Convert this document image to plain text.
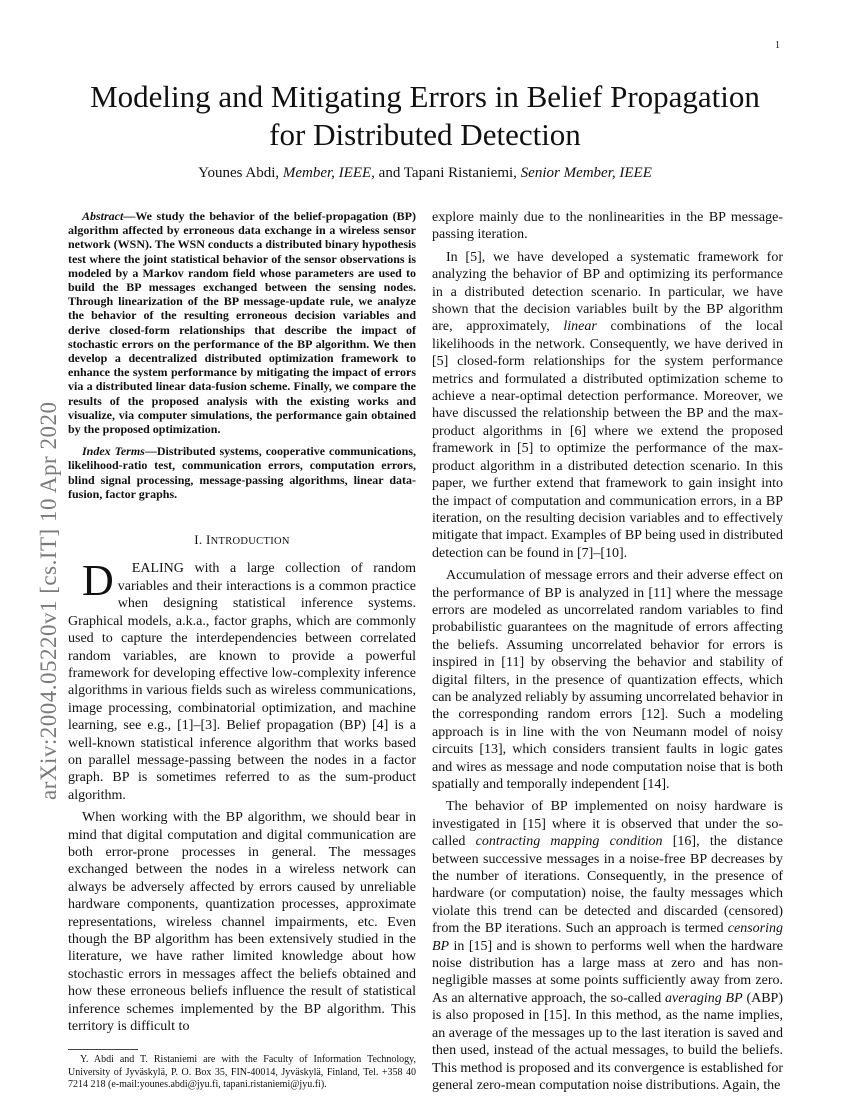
1
arXiv:2004.05220v1 [cs.IT] 10 Apr 2020
Modeling and Mitigating Errors in Belief Propagation for Distributed Detection
Younes Abdi, Member, IEEE, and Tapani Ristaniemi, Senior Member, IEEE

Abstract—We study the behavior of the belief-propagation (BP) algorithm affected by erroneous data exchange in a wireless sensor network (WSN). The WSN conducts a distributed binary hypothesis test where the joint statistical behavior of the sensor observations is modeled by a Markov random field whose parameters are used to build the BP messages exchanged between the sensing nodes. Through linearization of the BP message-update rule, we analyze the behavior of the resulting erroneous decision variables and derive closed-form relationships that describe the impact of stochastic errors on the performance of the BP algorithm. We then develop a decentralized distributed optimization framework to enhance the system performance by mitigating the impact of errors via a distributed linear data-fusion scheme. Finally, we compare the results of the proposed analysis with the existing works and visualize, via computer simulations, the performance gain obtained by the proposed optimization.

Index Terms—Distributed systems, cooperative communications, likelihood-ratio test, communication errors, computation errors, blind signal processing, message-passing algorithms, linear data-fusion, factor graphs.

I. INTRODUCTION

D EALING with a large collection of random variables and their interactions is a common practice when designing statistical inference systems. Graphical models, a.k.a., factor graphs, which are commonly used to capture the interdependencies between correlated random variables, are known to provide a powerful framework for developing effective low-complexity inference algorithms in various fields such as wireless communications, image processing, combinatorial optimization, and machine learning, see e.g., [1]–[3]. Belief propagation (BP) [4] is a well-known statistical inference algorithm that works based on parallel message-passing between the nodes in a factor graph. BP is sometimes referred to as the sum-product algorithm.

When working with the BP algorithm, we should bear in mind that digital computation and digital communication are both error-prone processes in general. The messages exchanged between the nodes in a wireless network can always be adversely affected by errors caused by unreliable hardware components, quantization processes, approximate representations, wireless channel impairments, etc. Even though the BP algorithm has been extensively studied in the literature, we have rather limited knowledge about how stochastic errors in messages affect the beliefs obtained and how these erroneous beliefs influence the result of statistical inference schemes implemented by the BP algorithm. This territory is difficult to

Y. Abdi and T. Ristaniemi are with the Faculty of Information Technology, University of Jyväskylä, P. O. Box 35, FIN-40014, Jyväskylä, Finland, Tel. +358 40 7214 218 (e-mail:younes.abdi@jyu.fi, tapani.ristaniemi@jyu.fi).

explore mainly due to the nonlinearities in the BP message-passing iteration.

In [5], we have developed a systematic framework for analyzing the behavior of BP and optimizing its performance in a distributed detection scenario. In particular, we have shown that the decision variables built by the BP algorithm are, approximately, linear combinations of the local likelihoods in the network. Consequently, we have derived in [5] closed-form relationships for the system performance metrics and formulated a distributed optimization scheme to achieve a near-optimal detection performance. Moreover, we have discussed the relationship between the BP and the max-product algorithms in [6] where we extend the proposed framework in [5] to optimize the performance of the max-product algorithm in a distributed detection scenario. In this paper, we further extend that framework to gain insight into the impact of computation and communication errors, in a BP iteration, on the resulting decision variables and to effectively mitigate that impact. Examples of BP being used in distributed detection can be found in [7]–[10].

Accumulation of message errors and their adverse effect on the performance of BP is analyzed in [11] where the message errors are modeled as uncorrelated random variables to find probabilistic guarantees on the magnitude of errors affecting the beliefs. Assuming uncorrelated behavior for errors is inspired in [11] by observing the behavior and stability of digital filters, in the presence of quantization effects, which can be analyzed reliably by assuming uncorrelated behavior in the corresponding random errors [12]. Such a modeling approach is in line with the von Neumann model of noisy circuits [13], which considers transient faults in logic gates and wires as message and node computation noise that is both spatially and temporally independent [14].

The behavior of BP implemented on noisy hardware is investigated in [15] where it is observed that under the so-called contracting mapping condition [16], the distance between successive messages in a noise-free BP decreases by the number of iterations. Consequently, in the presence of hardware (or computation) noise, the faulty messages which violate this trend can be detected and discarded (censored) from the BP iterations. Such an approach is termed censoring BP in [15] and is shown to performs well when the hardware noise distribution has a large mass at zero and has non-negligible masses at some points sufficiently away from zero. As an alternative approach, the so-called averaging BP (ABP) is also proposed in [15]. In this method, as the name implies, an average of the messages up to the last iteration is saved and then used, instead of the actual messages, to build the beliefs. This method is proposed and its convergence is established for general zero-mean computation noise distributions. Again, the
